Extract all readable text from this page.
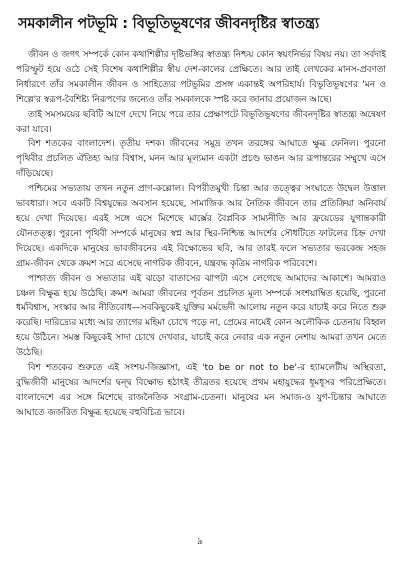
সমকালীন পটভূমি : বিভূতিভূষণের জীবনদৃষ্টির স্বাতন্ত্র্য

জীবন ও জগৎ সম্পর্কে কোন কথাশিল্পীর দৃষ্টিভঙ্গির স্বাতন্ত্র্য নিশ্চয় কোন স্বয়ংনির্ভর বিষয় নয়। তা সর্বদাই পরিস্ফুট হয়ে ওঠে সেই বিশেষ কথাশিল্পীর স্বীয় দেশ-কালের প্রেক্ষিতে। আর তাই লেখকের মানস-প্রবণতা নির্ধারণে তাঁর সমকালীন জীবন ও সাহিত্যের পটভূমির প্রসঙ্গ একান্তই অপরিহার্য। বিভূতিভূষণের 'মন ও শিল্পে'র স্বরূপ-বৈশিষ্ট্য নিরূপণের জন্যেও তাঁর সমকালকে স্পষ্ট করে জানার প্রয়োজন আছে।

তাই সমসময়ের ছবিটি আগে দেখে নিয়ে পরে তার প্রেক্ষাপটে বিভূতিভূষণের জীবনদৃষ্টির স্বাতন্ত্র্য অন্বেষণ করা যাবে।

বিশ শতকের বাংলাদেশ। তৃতীয় দশক। জীবনের সমুদ্র তখন তরঙ্গের আঘাতে ক্ষুব্ধ ফেনিল। পুরনো পৃথিবীর প্রচলিত ঐতিহ্য আর বিশ্বাস, মনন আর মূল্যমান একটা প্রচণ্ড ভাঙন আর রূপান্তরের সম্মুখে এসে দাঁড়িয়েছে।

পশ্চিমের সভ্যতায় তখন নতুন প্রাণ-কল্লোল। বিপরীতমুখী চিন্তা আর তত্ত্বের সংঘাতে উদ্বেল উত্তাল ভাবধারা। সবে একটি বিশ্বযুদ্ধের অবসান হয়েছে, সামাজিক আর নৈতিক জীবনে তার প্রতিক্রিয়া অনিবার্য হয়ে দেখা দিয়েছে। এরই সঙ্গে এসে মিশেছে মার্ক্সের বৈপ্লবিক সাম্যনীতি আর ফ্রয়েডের যুগান্তকারী যৌনতত্ত্ব। পুরনো পৃথিবী সম্পর্কে মানুষের স্বপ্ন আর স্থির-নিশ্চিন্ত আদর্শের সৌধটিতে ফাটলের চিহ্ন দেখা দিয়েছে। একদিকে মানুষের ভাবজীবনের এই বিক্ষোভের ছবি, আর তারই ফলে সভ্যতার ভরকেন্দ্র সহজ গ্রাম-জীবন থেকে ক্রমশ সরে এসেছে নাগরিক জীবনে, যন্ত্রবদ্ধ কৃত্রিম নাগরিক পরিবেশে।

পাশ্চাত্য জীবন ও সভ্যতার এই ঝড়ো বাতাসের ঝাপটা এসে লেগেছে আমাদের আকাশে। আমরাও চঞ্চল বিক্ষুব্ধ হয়ে উঠেছি। ক্রমশ আমরা জীবনের পূর্বতন প্রচলিত মূল্য সম্পর্কে সংশয়াম্বিত হয়েছি, পুরনো ধর্মবিশ্বাস, সংস্কার আর নীতিবোধ—সবকিছুকেই যুক্তির মর্মভেদী আলোয় নতুন করে যাচাই করে নিতে শুরু করেছি। দারিদ্র্যের মধ্যে আর ত্যাগের মহিমা চোখে পড়ে না, প্রেমের নামেই কোন অলৌকিক চেতনায় বিহ্বল হয়ে উঠিনে। সমস্ত কিছুকেই সাদা চোখে দেখবার, যাচাই করে নেবার এক নতুন নেশায় আমরা তখন মেতে উঠেছি।

বিশ শতকের শুরুতে এই সংশয়-জিজ্ঞাসা, এই 'to be or not to be'-র হ্যামলেটীয় অস্থিরতা, বুদ্ধিজীবী মানুষের আদর্শের দ্বন্দ্ব বিক্ষোভ হঠাৎই তীব্রতর হয়েছে প্রথম মহাযুদ্ধের ধূমধূসর পরিপ্রেক্ষিতে। বাংলাদেশে এর সঙ্গে মিশেছে রাজনৈতিক সংগ্রাম-চেতনা। মানুষের মন সমাজ-ও যুগ-চিন্তার আঘাতে আঘাতে জর্জরিত বিক্ষুব্ধ হয়েছে বহুবিচিত্র ভাবে।

৯
